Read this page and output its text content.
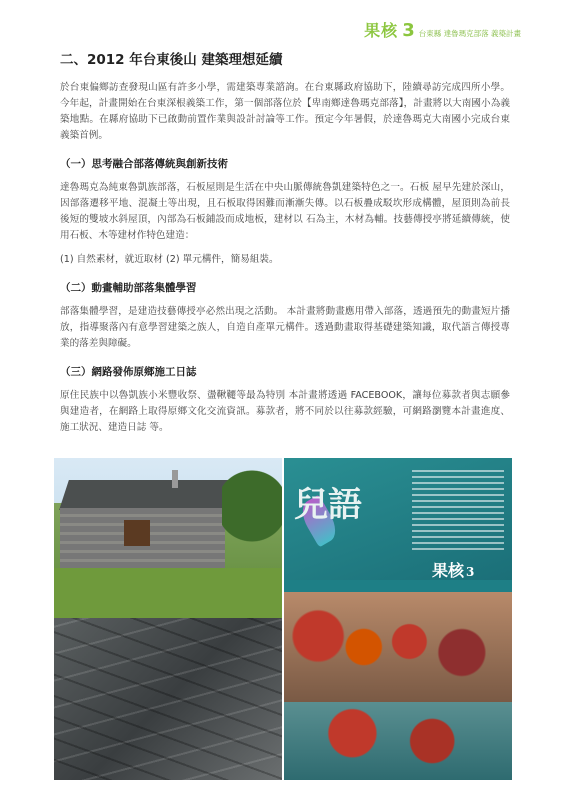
果核 3 台東縣 達魯瑪克部落 義築計畫
二、2012 年台東後山 建築理想延續

於台東偏鄉訪查發現山區有許多小學，需建築專業諮詢。在台東縣政府協助下，陸續尋訪完成四所小學。今年起，計畫開始在台東深根義築工作，第一個部落位於【卑南鄉達魯瑪克部落】，計畫將以大南國小為義築地點。在縣府協助下已啟動前置作業與設計討論等工作。預定今年暑假，於達魯瑪克大南國小完成台東義築首例。

（一）思考融合部落傳統與創新技術

達魯瑪克為純東魯凱族部落，石板屋則是生活在中央山脈傳統魯凱建築特色之一。石板 屋早先建於深山，因部落遷移平地、混凝土等出現，且石板取得困難而漸漸失傳。以石板疊成駁坎形成構體，屋頂則為前長後短的雙坡水斜屋頂，內部為石板鋪設而成地板，建材以 石為主，木材為輔。技藝傳授亭將延續傳統，使用石板、木等建材作特色建造：

(1) 自然素材，就近取材 (2) 單元構件，簡易組裝。

（二）動畫輔助部落集體學習

部落集體學習，是建造技藝傳授亭必然出現之活動。 本計畫將動畫應用帶入部落，透過預先的動畫短片播放，指導聚落內有意學習建築之族人，自造自產單元構件。透過動畫取得基礎建築知識，取代語言傳授專業的落差與障礙。

（三）網路發佈原鄉施工日誌

原住民族中以魯凱族小米豐收祭、盪鞦韆等最為特別 本計畫將透過 FACEBOOK，讓每位募款者與志願參與建造者，在網路上取得原鄉文化交流資訊。募款者，將不同於以往募款經驗，可網路瀏覽本計畫進度、施工狀況、建造日誌 等。

兒語
果核 3
